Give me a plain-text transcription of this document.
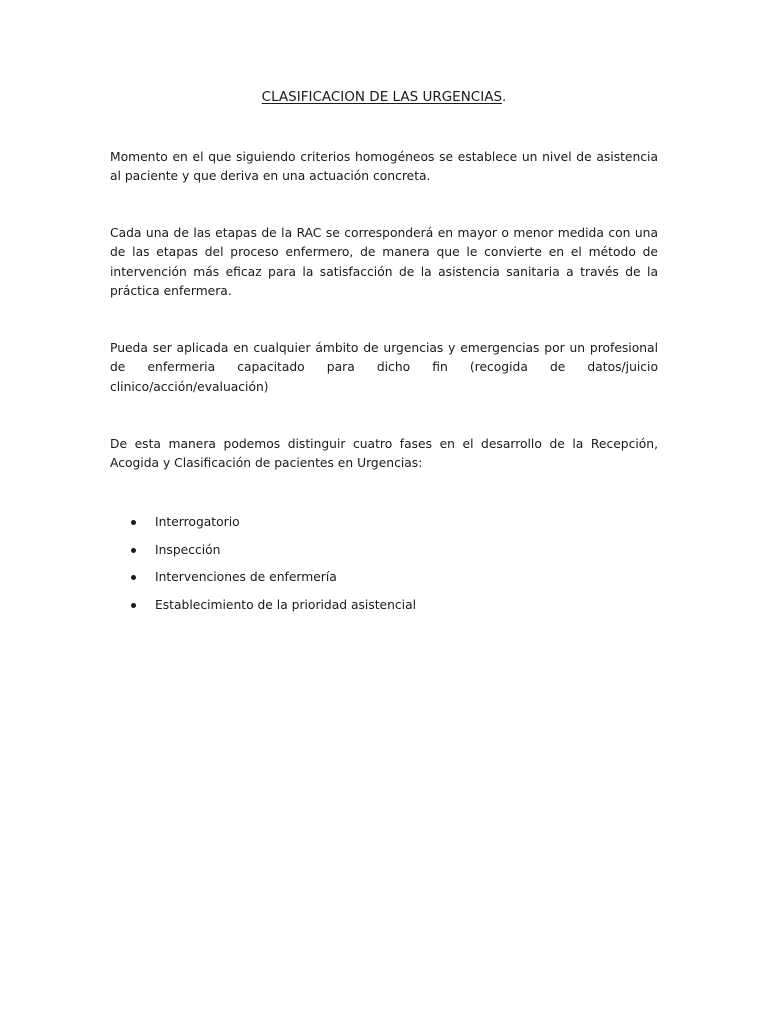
CLASIFICACION DE LAS URGENCIAS.

Momento en el que siguiendo criterios homogéneos se establece un nivel de asistencia al paciente y que deriva en una actuación concreta.

Cada una de las etapas de la RAC se corresponderá en mayor o menor medida con una de las etapas del proceso enfermero, de manera que le convierte en el método de intervención más eficaz para la satisfacción de la asistencia sanitaria a través de la práctica enfermera.

Pueda ser aplicada en cualquier ámbito de urgencias y emergencias por un profesional de enfermeria capacitado para dicho fin (recogida de datos/juicio clinico/acción/evaluación)

De esta manera podemos distinguir cuatro fases en el desarrollo de la Recepción, Acogida y Clasificación de pacientes en Urgencias:

Interrogatorio
Inspección
Intervenciones de enfermería
Establecimiento de la prioridad asistencial
